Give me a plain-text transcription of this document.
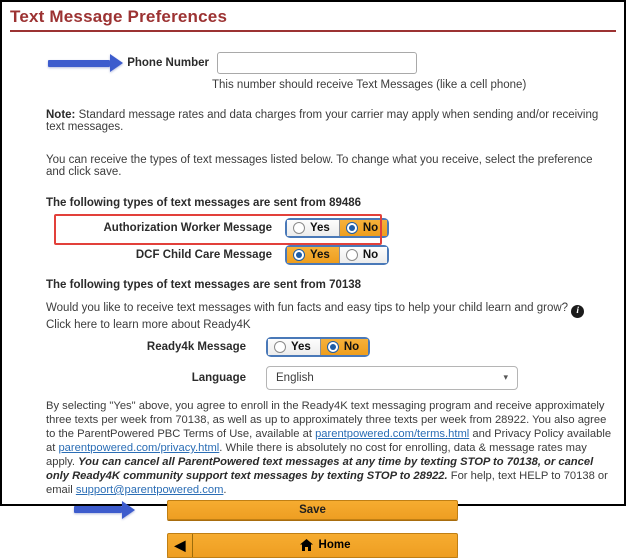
Text Message Preferences
Phone Number
This number should receive Text Messages (like a cell phone)

Note: Standard message rates and data charges from your carrier may apply when sending and/or receiving text messages.

You can receive the types of text messages listed below. To change what you receive, select the preference and click save.

The following types of text messages are sent from 89486
Authorization Worker Message	Yes	No
DCF Child Care Message	Yes	No
The following types of text messages are sent from 70138

Would you like to receive text messages with fun facts and easy tips to help your child learn and grow? i Click here to learn more about Ready4K

Ready4k Message	Yes	No
Language	English	▾

By selecting "Yes" above, you agree to enroll in the Ready4K text messaging program and receive approximately three texts per week from 70138, as well as up to approximately three texts per week from 28922. You also agree to the ParentPowered PBC Terms of Use, available at parentpowered.com/terms.html and Privacy Policy available at parentpowered.com/privacy.html. While there is absolutely no cost for enrolling, data & message rates may apply. You can cancel all ParentPowered text messages at any time by texting STOP to 70138, or cancel only Ready4K community support text messages by texting STOP to 28922. For help, text HELP to 70138 or email support@parentpowered.com.

Save
◀	Home
